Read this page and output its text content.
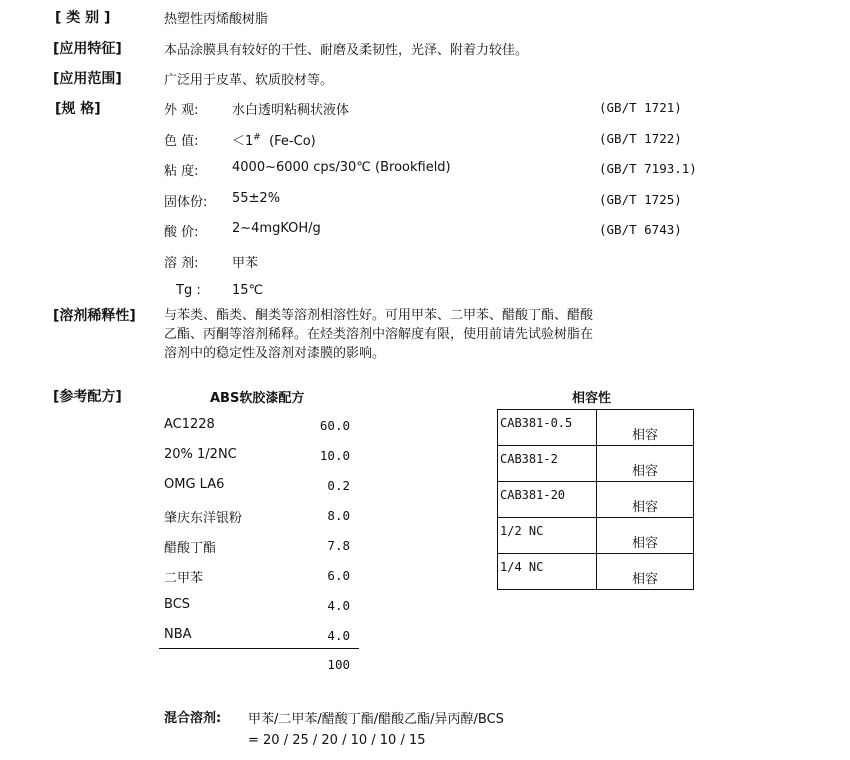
[ 类 别 ]	热塑性丙烯酸树脂
[应用特征]	本品涂膜具有较好的干性、耐磨及柔韧性，光泽、附着力较佳。
[应用范围]	广泛用于皮革、软质胶材等。
[规 格]	外 观:	水白透明粘稠状液体	(GB/T 1721)
色 值:	＜1# (Fe-Co)	(GB/T 1722)
粘 度:	4000~6000 cps/30℃ (Brookfield)	(GB/T 7193.1)
固体份: 55±2%	(GB/T 1725)
酸 价:	2~4mgKOH/g	(GB/T 6743)
溶 剂:	甲苯
Tg : 15℃
[溶剂稀释性] 与苯类、酯类、酮类等溶剂相溶性好。可用甲苯、二甲苯、醋酸丁酯、醋酸
乙酯、丙酮等溶剂稀释。在烃类溶剂中溶解度有限，使用前请先试验树脂在
溶剂中的稳定性及溶剂对漆膜的影响。
[参考配方]	ABS软胶漆配方
AC1228	60.0
20% 1/2NC	10.0
OMG LA6	0.2
肇庆东洋银粉	8.0
醋酸丁酯	7.8
二甲苯	6.0
BCS	4.0
NBA	4.0
100
相容性
CAB381-0.5	相容
CAB381-2	相容
CAB381-20	相容
1/2 NC	相容
1/4 NC	相容
混合溶剂: 甲苯/二甲苯/醋酸丁酯/醋酸乙酯/异丙醇/BCS
= 20 / 25 / 20 / 10 / 10 / 15
